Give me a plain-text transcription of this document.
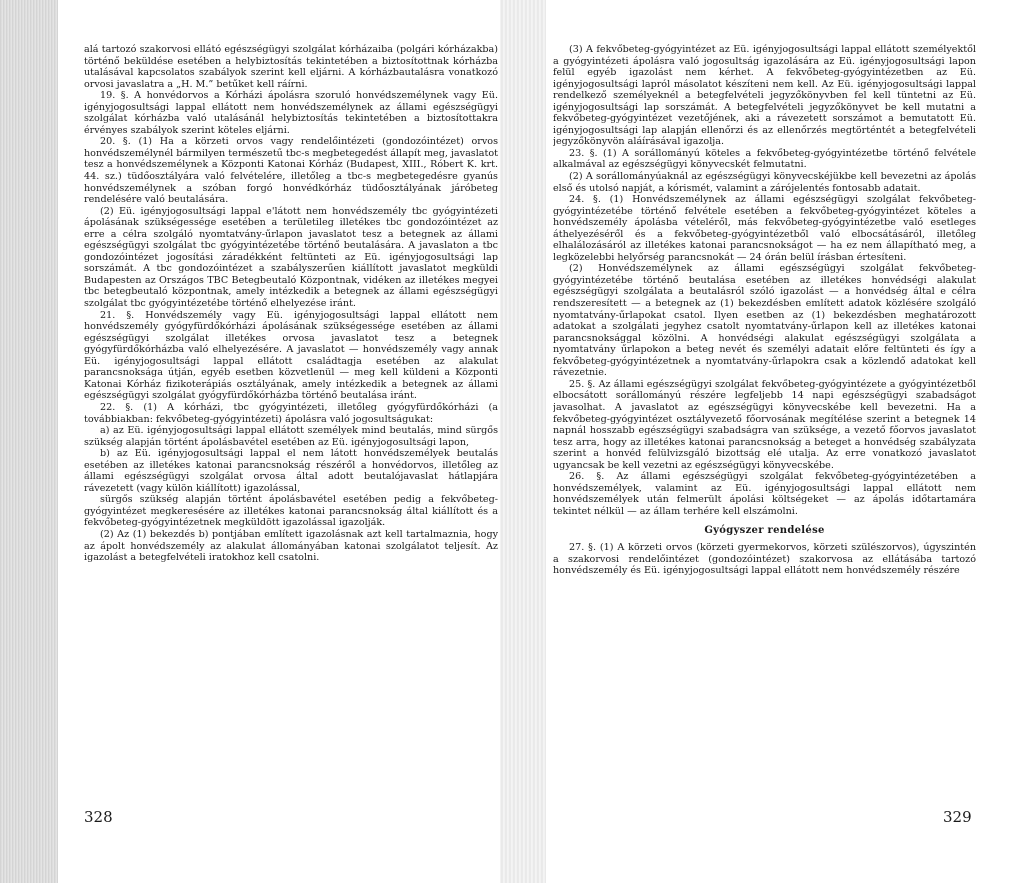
alá tartozó szakorvosi ellátó egészségügyi szolgálat kórházaiba (polgári kórházakba) történő beküldése esetében a helybiztosítás tekintetében a biztosítottnak kórházba utalásával kapcsolatos szabályok szerint kell eljárni. A kórházbautalásra vonatkozó orvosi javaslatra a „H. M.” betűket kell ráírni.

19. §. A honvédorvos a Kórházi ápolásra szoruló honvédszemélynek vagy Eü. igényjogosultsági lappal ellátott nem honvédszemélynek az állami egészségügyi szolgálat kórházba való utalásánál helybiztosítás tekintetében a biztosítottakra érvényes szabályok szerint köteles eljárni.

20. §. (1) Ha a körzeti orvos vagy rendelőintézeti (gondozóintézet) orvos honvédszemélynél bármilyen természetű tbc-s megbetegedést állapít meg, javaslatot tesz a honvédszemélynek a Központi Katonai Kórház (Budapest, XIII., Róbert K. krt. 44. sz.) tüdőosztályára való felvételére, illetőleg a tbc-s megbetegedésre gyanús honvédszemélynek a szóban forgó honvédkórház tüdőosztályának járóbeteg rendelésére való beutalására.

(2) Eü. igényjogosultsági lappal e'látott nem honvédszemély tbc gyógyintézeti ápolásának szükségessége esetében a területileg illetékes tbc gondozóintézet az erre a célra szolgáló nyomtatvány-űrlapon javaslatot tesz a betegnek az állami egészségügyi szolgálat tbc gyógyintézetébe történő beutalására. A javaslaton a tbc gondozóintézet jogosítási záradékként feltünteti az Eü. igényjogosultsági lap sorszámát. A tbc gondozóintézet a szabályszerűen kiállított javaslatot megküldi Budapesten az Országos TBC Betegbeutaló Központnak, vidéken az illetékes megyei tbc betegbeutaló központnak, amely intézkedik a betegnek az állami egészségügyi szolgálat tbc gyógyintézetébe történő elhelyezése iránt.

21. §. Honvédszemély vagy Eü. igényjogosultsági lappal ellátott nem honvédszemély gyógyfürdőkórházi ápolásának szükségessége esetében az állami egészségügyi szolgálat illetékes orvosa javaslatot tesz a betegnek gyógyfürdőkórházba való elhelyezésére. A javaslatot — honvédszemély vagy annak Eü. igényjogosultsági lappal ellátott családtagja esetében az alakulat parancsnoksága útján, egyéb esetben közvetlenül — meg kell küldeni a Központi Katonai Kórház fizikoterápiás osztályának, amely intézkedik a betegnek az állami egészségügyi szolgálat gyógyfürdőkórházba történő beutalása iránt.

22. §. (1) A kórházi, tbc gyógyintézeti, illetőleg gyógyfürdőkórházi (a továbbiakban: fekvőbeteg-gyógyintézeti) ápolásra való jogosultságukat:

a) az Eü. igényjogosultsági lappal ellátott személyek mind beutalás, mind sürgős szükség alapján történt ápolásbavétel esetében az Eü. igényjogosultsági lapon,

b) az Eü. igényjogosultsági lappal el nem látott honvédszemélyek beutalás esetében az illetékes katonai parancsnokság részéről a honvédorvos, illetőleg az állami egészségügyi szolgálat orvosa által adott beutalójavaslat hátlapjára rávezetett (vagy külön kiállított) igazolással,

sürgős szükség alapján történt ápolásbavétel esetében pedig a fekvőbeteg-gyógyintézet megkeresésére az illetékes katonai parancsnokság által kiállított és a fekvőbeteg-gyógyintézetnek megküldött igazolással igazolják.

(2) Az (1) bekezdés b) pontjában említett igazolásnak azt kell tartalmaznia, hogy az ápolt honvédszemély az alakulat állományában katonai szolgálatot teljesít. Az igazolást a betegfelvételi iratokhoz kell csatolni.

(3) A fekvőbeteg-gyógyintézet az Eü. igényjogosultsági lappal ellátott személyektől a gyógyintézeti ápolásra való jogosultság igazolására az Eü. igényjogosultsági lapon felül egyéb igazolást nem kérhet. A fekvőbeteg-gyógyintézetben az Eü. igényjogosultsági lapról másolatot készíteni nem kell. Az Eü. igényjogosultsági lappal rendelkező személyeknél a betegfelvételi jegyzőkönyvben fel kell tüntetni az Eü. igényjogosultsági lap sorszámát. A betegfelvételi jegyzőkönyvet be kell mutatni a fekvőbeteg-gyógyintézet vezetőjének, aki a rávezetett sorszámot a bemutatott Eü. igényjogosultsági lap alapján ellenőrzi és az ellenőrzés megtörténtét a betegfelvételi jegyzőkönyvön aláírásával igazolja.

23. §. (1) A sorállományú köteles a fekvőbeteg-gyógyintézetbe történő felvétele alkalmával az egészségügyi könyvecskét felmutatni.

(2) A sorállományúaknál az egészségügyi könyvecskéjükbe kell bevezetni az ápolás első és utolsó napját, a kórismét, valamint a zárójelentés fontosabb adatait.

24. §. (1) Honvédszemélynek az állami egészségügyi szolgálat fekvőbeteg-gyógyintézetébe történő felvétele esetében a fekvőbeteg-gyógyintézet köteles a honvédszemély ápolásba vételéről, más fekvőbeteg-gyógyintézetbe való esetleges áthelyezéséről és a fekvőbeteg-gyógyintézetből való elbocsátásáról, illetőleg elhalálozásáról az illetékes katonai parancsnokságot — ha ez nem állapítható meg, a legközelebbi helyőrség parancsnokát — 24 órán belül írásban értesíteni.

(2) Honvédszemélynek az állami egészségügyi szolgálat fekvőbeteg-gyógyintézetébe történő beutalása esetében az illetékes honvédségi alakulat egészségügyi szolgálata a beutalásról szóló igazolást — a honvédség által e célra rendszeresített — a betegnek az (1) bekezdésben említett adatok közlésére szolgáló nyomtatvány-űrlapokat csatol. Ilyen esetben az (1) bekezdésben meghatározott adatokat a szolgálati jegyhez csatolt nyomtatvány-űrlapon kell az illetékes katonai parancsnoksággal közölni. A honvédségi alakulat egészségügyi szolgálata a nyomtatvány űrlapokon a beteg nevét és személyi adatait előre feltünteti és így a fekvőbeteg-gyógyintézetnek a nyomtatvány-űrlapokra csak a közlendő adatokat kell rávezetnie.

25. §. Az állami egészségügyi szolgálat fekvőbeteg-gyógyintézete a gyógyintézetből elbocsátott sorállományú részére legfeljebb 14 napi egészségügyi szabadságot javasolhat. A javaslatot az egészségügyi könyvecskébe kell bevezetni. Ha a fekvőbeteg-gyógyintézet osztályvezető főorvosának megítélése szerint a betegnek 14 napnál hosszabb egészségügyi szabadságra van szüksége, a vezető főorvos javaslatot tesz arra, hogy az illetékes katonai parancsnokság a beteget a honvédség szabályzata szerint a honvéd felülvizsgáló bizottság elé utalja. Az erre vonatkozó javaslatot ugyancsak be kell vezetni az egészségügyi könyvecskébe.

26. §. Az állami egészségügyi szolgálat fekvőbeteg-gyógyintézetében a honvédszemélyek, valamint az Eü. igényjogosultsági lappal ellátott nem honvédszemélyek után felmerült ápolási költségeket — az ápolás időtartamára tekintet nélkül — az állam terhére kell elszámolni.

Gyógyszer rendelése

27. §. (1) A körzeti orvos (körzeti gyermekorvos, körzeti szülészorvos), úgyszintén a szakorvosi rendelőintézet (gondozóintézet) szakorvosa az ellátásába tartozó honvédszemély és Eü. igényjogosultsági lappal ellátott nem honvédszemély részére

328	329
